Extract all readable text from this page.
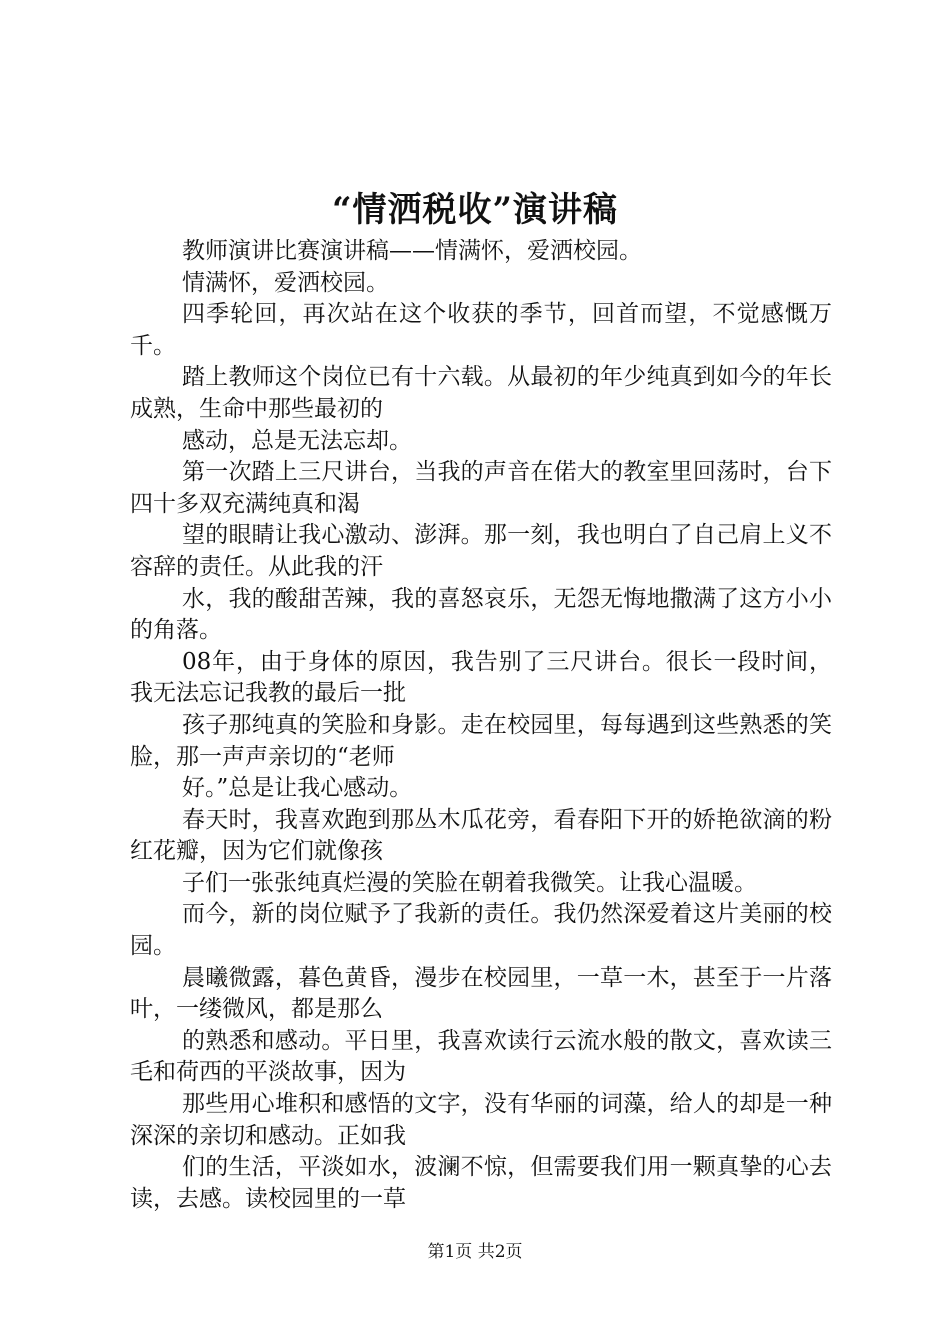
“情洒税收”演讲稿

教师演讲比赛演讲稿——情满怀，爱洒校园。

情满怀，爱洒校园。

四季轮回，再次站在这个收获的季节，回首而望，不觉感慨万千。

踏上教师这个岗位已有十六载。从最初的年少纯真到如今的年长成熟，生命中那些最初的

感动，总是无法忘却。

第一次踏上三尺讲台，当我的声音在偌大的教室里回荡时，台下四十多双充满纯真和渴

望的眼睛让我心激动、澎湃。那一刻，我也明白了自己肩上义不容辞的责任。从此我的汗

水，我的酸甜苦辣，我的喜怒哀乐，无怨无悔地撒满了这方小小的角落。

08年，由于身体的原因，我告别了三尺讲台。很长一段时间，我无法忘记我教的最后一批

孩子那纯真的笑脸和身影。走在校园里，每每遇到这些熟悉的笑脸，那一声声亲切的“老师

好。”总是让我心感动。

春天时，我喜欢跑到那丛木瓜花旁，看春阳下开的娇艳欲滴的粉红花瓣，因为它们就像孩

子们一张张纯真烂漫的笑脸在朝着我微笑。让我心温暖。

而今，新的岗位赋予了我新的责任。我仍然深爱着这片美丽的校园。

晨曦微露，暮色黄昏，漫步在校园里，一草一木，甚至于一片落叶，一缕微风，都是那么

的熟悉和感动。平日里，我喜欢读行云流水般的散文，喜欢读三毛和荷西的平淡故事，因为

那些用心堆积和感悟的文字，没有华丽的词藻，给人的却是一种深深的亲切和感动。正如我

们的生活，平淡如水，波澜不惊，但需要我们用一颗真挚的心去读，去感。读校园里的一草

第1页 共2页
